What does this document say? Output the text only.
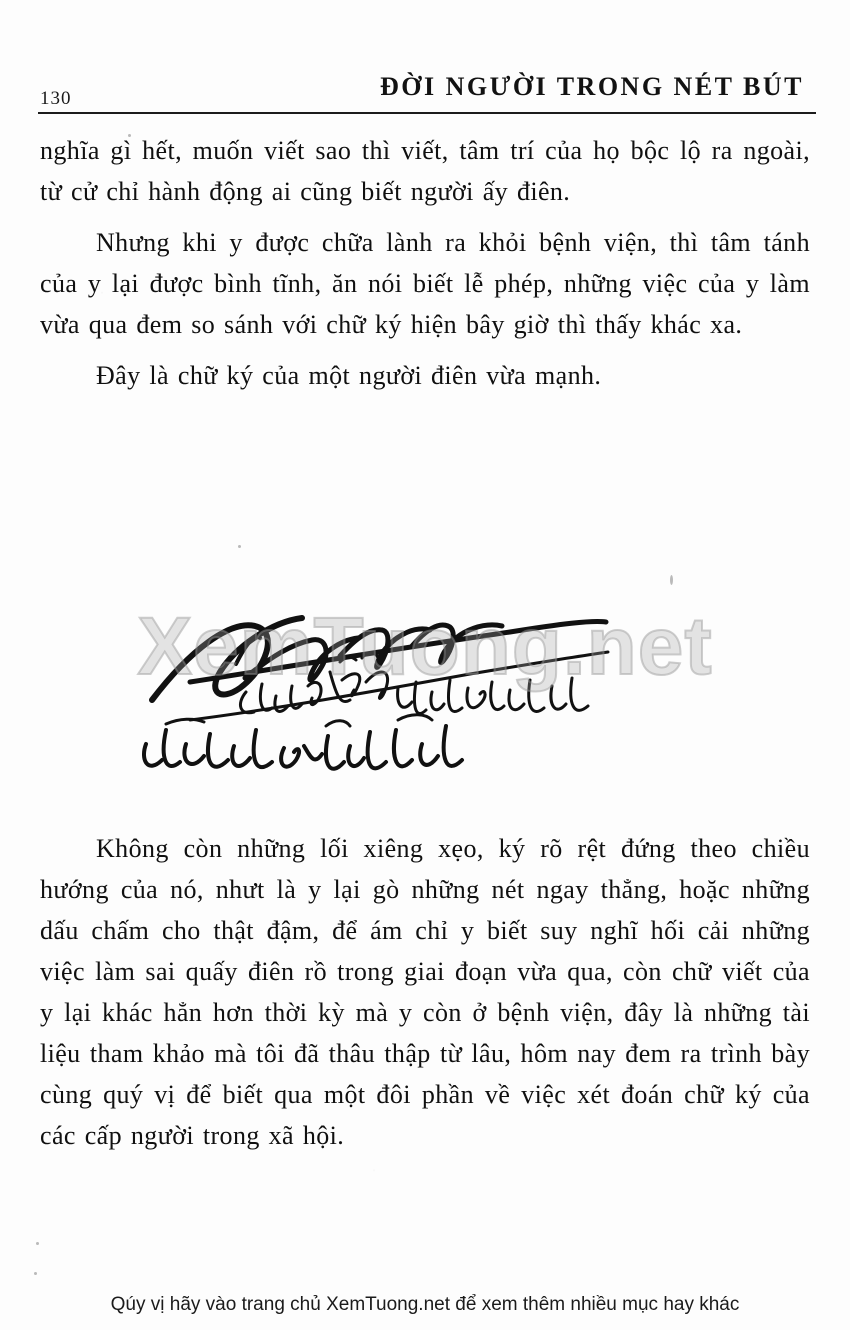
130	ĐỜI NGƯỜI TRONG NÉT BÚT

nghĩa gì hết, muốn viết sao thì viết, tâm trí của họ bộc lộ ra ngoài, từ cử chỉ hành động ai cũng biết người ấy điên.

Nhưng khi y được chữa lành ra khỏi bệnh viện, thì tâm tánh của y lại được bình tĩnh, ăn nói biết lễ phép, những việc của y làm vừa qua đem so sánh với chữ ký hiện bây giờ thì thấy khác xa.

Đây là chữ ký của một người điên vừa mạnh.

XemTuong.net

Không còn những lối xiêng xẹo, ký rõ rệt đứng theo chiều hướng của nó, nhưt là y lại gò những nét ngay thẳng, hoặc những dấu chấm cho thật đậm, để ám chỉ y biết suy nghĩ hối cải những việc làm sai quấy điên rồ trong giai đoạn vừa qua, còn chữ viết của y lại khác hẳn hơn thời kỳ mà y còn ở bệnh viện, đây là những tài liệu tham khảo mà tôi đã thâu thập từ lâu, hôm nay đem ra trình bày cùng quý vị để biết qua một đôi phần về việc xét đoán chữ ký của các cấp người trong xã hội.

Qúy vị hãy vào trang chủ XemTuong.net để xem thêm nhiều mục hay khác
